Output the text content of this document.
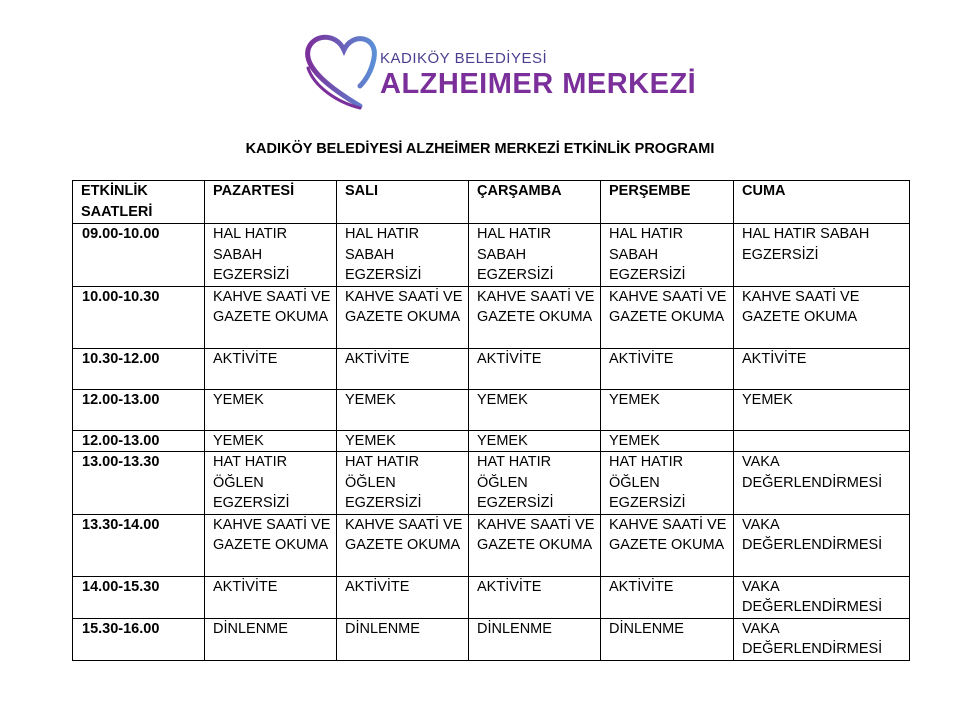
KADIKÖY BELEDİYESİ
ALZHEIMER MERKEZİ
KADIKÖY BELEDİYESİ ALZHEİMER MERKEZİ ETKİNLİK PROGRAMI
ETKİNLİK SAATLERİ	PAZARTESİ	SALI	ÇARŞAMBA	PERŞEMBE	CUMA
09.00-10.00	HAL HATIR SABAH EGZERSİZİ	HAL HATIR SABAH EGZERSİZİ	HAL HATIR SABAH EGZERSİZİ	HAL HATIR SABAH EGZERSİZİ	HAL HATIR SABAH EGZERSİZİ
10.00-10.30	KAHVE SAATİ VE GAZETE OKUMA	KAHVE SAATİ VE GAZETE OKUMA	KAHVE SAATİ VE GAZETE OKUMA	KAHVE SAATİ VE GAZETE OKUMA	KAHVE SAATİ VE GAZETE OKUMA
10.30-12.00	AKTİVİTE	AKTİVİTE	AKTİVİTE	AKTİVİTE	AKTİVİTE
12.00-13.00	YEMEK	YEMEK	YEMEK	YEMEK	YEMEK
12.00-13.00	YEMEK	YEMEK	YEMEK	YEMEK	
13.00-13.30	HAT HATIR ÖĞLEN EGZERSİZİ	HAT HATIR ÖĞLEN EGZERSİZİ	HAT HATIR ÖĞLEN EGZERSİZİ	HAT HATIR ÖĞLEN EGZERSİZİ	VAKA DEĞERLENDİRMESİ
13.30-14.00	KAHVE SAATİ VE GAZETE OKUMA	KAHVE SAATİ VE GAZETE OKUMA	KAHVE SAATİ VE GAZETE OKUMA	KAHVE SAATİ VE GAZETE OKUMA	VAKA DEĞERLENDİRMESİ
14.00-15.30	AKTİVİTE	AKTİVİTE	AKTİVİTE	AKTİVİTE	VAKA DEĞERLENDİRMESİ
15.30-16.00	DİNLENME	DİNLENME	DİNLENME	DİNLENME	VAKA DEĞERLENDİRMESİ
